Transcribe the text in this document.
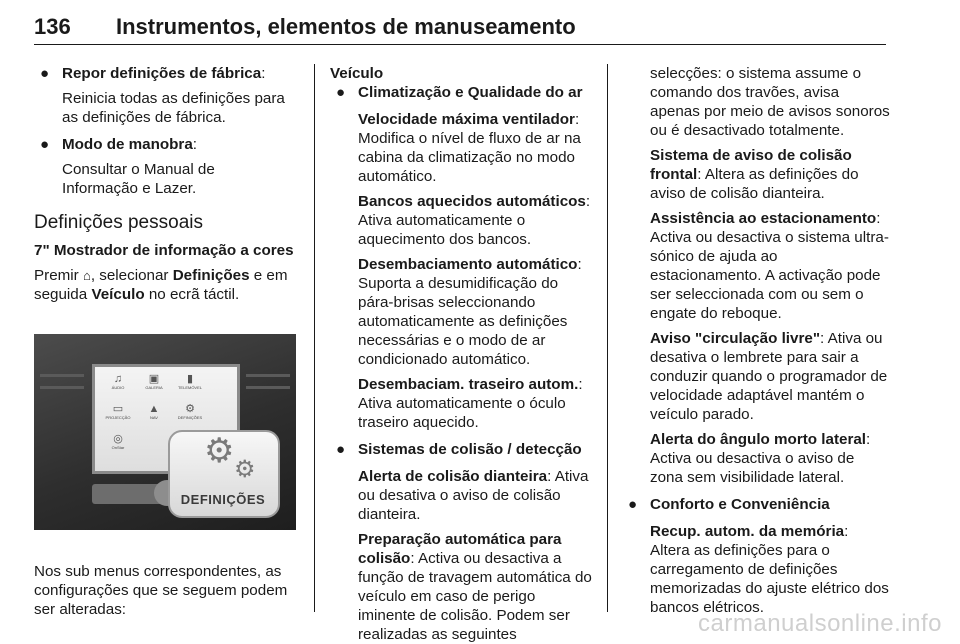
136 Instrumentos, elementos de manuseamento
● Repor definições de fábrica:

Reinicia todas as definições para as definições de fábrica.

● Modo de manobra:

Consultar o Manual de
Informação e Lazer.

Definições pessoais

7" Mostrador de informação a cores

Premir ⌂, selecionar Definições e em seguida Veículo no ecrã táctil.

♫
ÁUDIO
▣
GALERIA
▮
TELEMÓVEL
▭
PROJECÇÃO
▲
NAV
⚙
DEFINIÇÕES
◎
OnStar ⚙ ⚙
DEFINIÇÕES

Nos sub menus correspondentes, as configurações que se seguem podem ser alteradas:

Veículo

● Climatização e Qualidade do ar

Velocidade máxima ventilador:
Modifica o nível de fluxo de ar na cabina da climatização no modo automático.

Bancos aquecidos automáticos:
Ativa automaticamente o aquecimento dos bancos.

Desembaciamento automático:
Suporta a desumidificação do pára-brisas seleccionando automaticamente as definições necessárias e o modo de ar condicionado automático.

Desembaciam. traseiro autom.:
Ativa automaticamente o óculo traseiro aquecido.

● Sistemas de colisão / detecção

Alerta de colisão dianteira: Ativa ou desativa o aviso de colisão dianteira.

Preparação automática para
colisão: Activa ou desactiva a função de travagem automática do veículo em caso de perigo iminente de colisão. Podem ser realizadas as seguintes

selecções: o sistema assume o comando dos travões, avisa apenas por meio de avisos sonoros ou é desactivado totalmente.

Sistema de aviso de colisão
frontal: Altera as definições do aviso de colisão dianteira.

Assistência ao estacionamento:
Activa ou desactiva o sistema ultra-sónico de ajuda ao estacionamento. A activação pode ser seleccionada com ou sem o engate do reboque.

Aviso "circulação livre": Ativa ou desativa o lembrete para sair a conduzir quando o programador de velocidade adaptável mantém o veículo parado.

Alerta do ângulo morto lateral:
Activa ou desactiva o aviso de zona sem visibilidade lateral.

● Conforto e Conveniência

Recup. autom. da memória:
Altera as definições para o carregamento de definições memorizadas do ajuste elétrico dos bancos elétricos.

carmanualsonline.info
